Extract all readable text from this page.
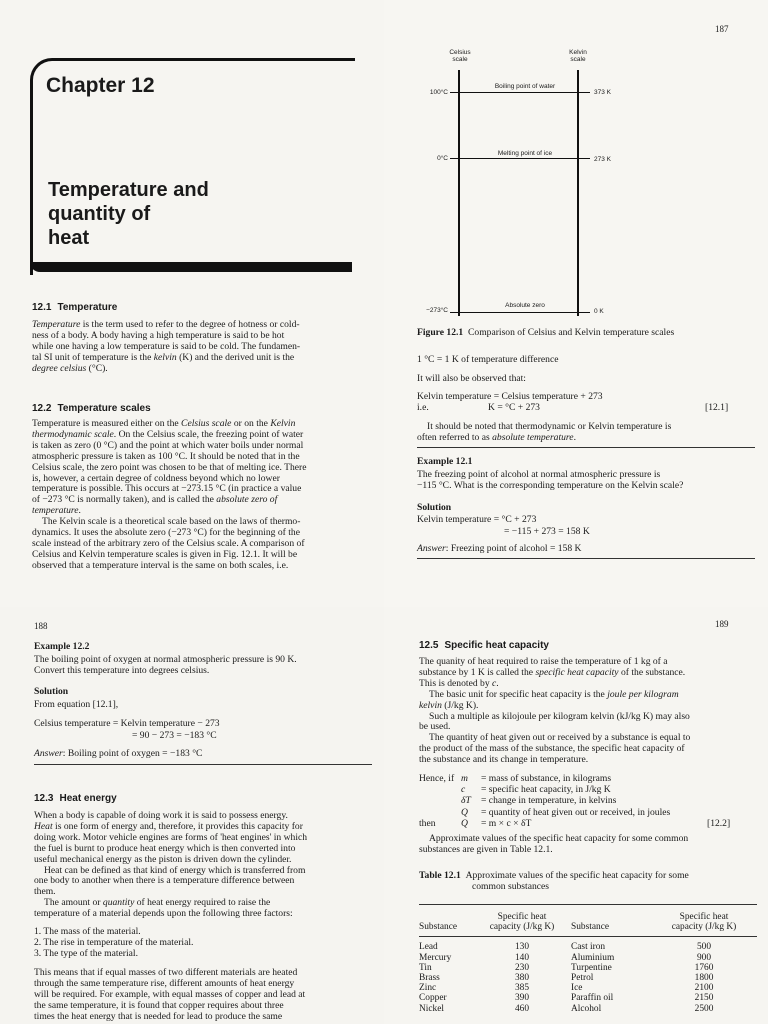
Chapter 12
Temperature and
quantity of
heat
12.1 Temperature
Temperature is the term used to refer to the degree of hotness or cold-
ness of a body. A body having a high temperature is said to be hot
while one having a low temperature is said to be cold. The fundamen-
tal SI unit of temperature is the kelvin (K) and the derived unit is the
degree celsius (°C).
12.2 Temperature scales
Temperature is measured either on the Celsius scale or on the Kelvin
thermodynamic scale. On the Celsius scale, the freezing point of water
is taken as zero (0 °C) and the point at which water boils under normal
atmospheric pressure is taken as 100 °C. It should be noted that in the
Celsius scale, the zero point was chosen to be that of melting ice. There
is, however, a certain degree of coldness beyond which no lower
temperature is possible. This occurs at −273.15 °C (in practice a value
of −273 °C is normally taken), and is called the absolute zero of
temperature.
The Kelvin scale is a theoretical scale based on the laws of thermo-
dynamics. It uses the absolute zero (−273 °C) for the beginning of the
scale instead of the arbitrary zero of the Celsius scale. A comparison of
Celsius and Kelvin temperature scales is given in Fig. 12.1. It will be
observed that a temperature interval is the same on both scales, i.e.
187
Celsius
scale
Kelvin
scale
100°C
Boiling point of water
373 K
0°C
Melting point of ice
273 K
−273°C
Absolute zero
0 K
Figure 12.1 Comparison of Celsius and Kelvin temperature scales
1 °C = 1 K of temperature difference
It will also be observed that:
Kelvin temperature = Celsius temperature + 273
i.e.	K = °C + 273	[12.1]
It should be noted that thermodynamic or Kelvin temperature is
often referred to as absolute temperature.
Example 12.1
The freezing point of alcohol at normal atmospheric pressure is
−115 °C. What is the corresponding temperature on the Kelvin scale?
Solution
Kelvin temperature = °C + 273
= −115 + 273 = 158 K
Answer: Freezing point of alcohol = 158 K
188
Example 12.2
The boiling point of oxygen at normal atmospheric pressure is 90 K.
Convert this temperature into degrees celsius.
Solution
From equation [12.1],
Celsius temperature = Kelvin temperature − 273
= 90 − 273 = −183 °C
Answer: Boiling point of oxygen = −183 °C
12.3 Heat energy
When a body is capable of doing work it is said to possess energy.
Heat is one form of energy and, therefore, it provides this capacity for
doing work. Motor vehicle engines are forms of 'heat engines' in which
the fuel is burnt to produce heat energy which is then converted into
useful mechanical energy as the piston is driven down the cylinder.
Heat can be defined as that kind of energy which is transferred from
one body to another when there is a temperature difference between
them.
The amount or quantity of heat energy required to raise the
temperature of a material depends upon the following three factors:
1. The mass of the material.
2. The rise in temperature of the material.
3. The type of the material.
This means that if equal masses of two different materials are heated
through the same temperature rise, different amounts of heat energy
will be required. For example, with equal masses of copper and lead at
the same temperature, it is found that copper requires about three
times the heat energy that is needed for lead to produce the same
189
12.5 Specific heat capacity
The quanity of heat required to raise the temperature of 1 kg of a
substance by 1 K is called the specific heat capacity of the substance.
This is denoted by c.
The basic unit for specific heat capacity is the joule per kilogram
kelvin (J/kg K).
Such a multiple as kilojoule per kilogram kelvin (kJ/kg K) may also
be used.
The quantity of heat given out or received by a substance is equal to
the product of the mass of the substance, the specific heat capacity of
the substance and its change in temperature.
Hence, if
then
m = mass of substance, in kilograms
c = specific heat capacity, in J/kg K
δT = change in temperature, in kelvins
Q = quantity of heat given out or received, in joules
Q = m × c × δT	[12.2]
Approximate values of the specific heat capacity for some common
substances are given in Table 12.1.
Table 12.1 Approximate values of the specific heat capacity for some
common substances
Substance	Specific heat
capacity (J/kg K)	Substance	Specific heat
capacity (J/kg K)

Lead	130	Cast iron	500
Mercury	140	Aluminium	900
Tin	230	Turpentine	1760
Brass	380	Petrol	1800
Zinc	385	Ice	2100
Copper	390	Paraffin oil	2150
Nickel	460	Alcohol	2500
